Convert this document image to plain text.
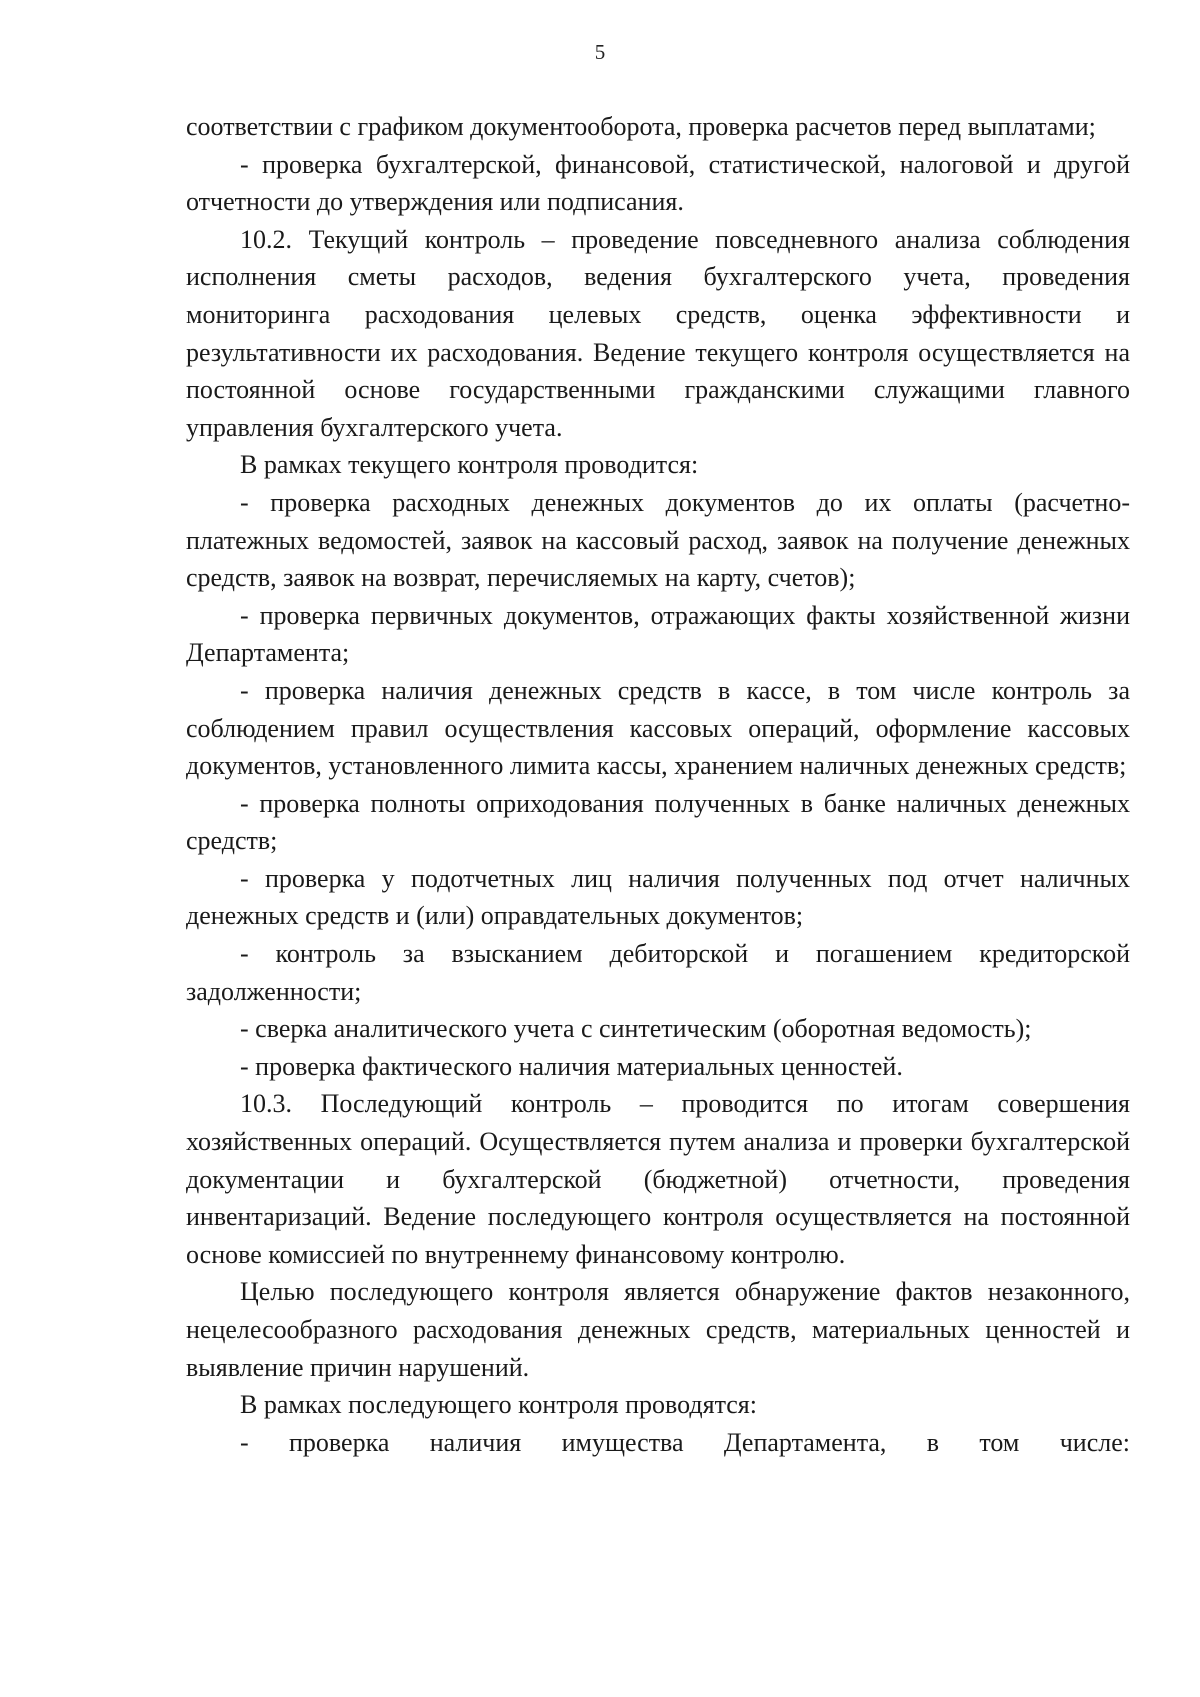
5

соответствии с графиком документооборота, проверка расчетов перед выплатами;

- проверка бухгалтерской, финансовой, статистической, налоговой и другой отчетности до утверждения или подписания.

10.2. Текущий контроль – проведение повседневного анализа соблюдения исполнения сметы расходов, ведения бухгалтерского учета, проведения мониторинга расходования целевых средств, оценка эффективности и результативности их расходования. Ведение текущего контроля осуществляется на постоянной основе государственными гражданскими служащими главного управления бухгалтерского учета.

В рамках текущего контроля проводится:

- проверка расходных денежных документов до их оплаты (расчетно-платежных ведомостей, заявок на кассовый расход, заявок на получение денежных средств, заявок на возврат, перечисляемых на карту, счетов);

- проверка первичных документов, отражающих факты хозяйственной жизни Департамента;

- проверка наличия денежных средств в кассе, в том числе контроль за соблюдением правил осуществления кассовых операций, оформление кассовых документов, установленного лимита кассы, хранением наличных денежных средств;

- проверка полноты оприходования полученных в банке наличных денежных средств;

- проверка у подотчетных лиц наличия полученных под отчет наличных денежных средств и (или) оправдательных документов;

- контроль за взысканием дебиторской и погашением кредиторской задолженности;

- сверка аналитического учета с синтетическим (оборотная ведомость);

- проверка фактического наличия материальных ценностей.

10.3. Последующий контроль – проводится по итогам совершения хозяйственных операций. Осуществляется путем анализа и проверки бухгалтерской документации и бухгалтерской (бюджетной) отчетности, проведения инвентаризаций. Ведение последующего контроля осуществляется на постоянной основе комиссией по внутреннему финансовому контролю.

Целью последующего контроля является обнаружение фактов незаконного, нецелесообразного расходования денежных средств, материальных ценностей и выявление причин нарушений.

В рамках последующего контроля проводятся:

- проверка наличия имущества Департамента, в том числе:
